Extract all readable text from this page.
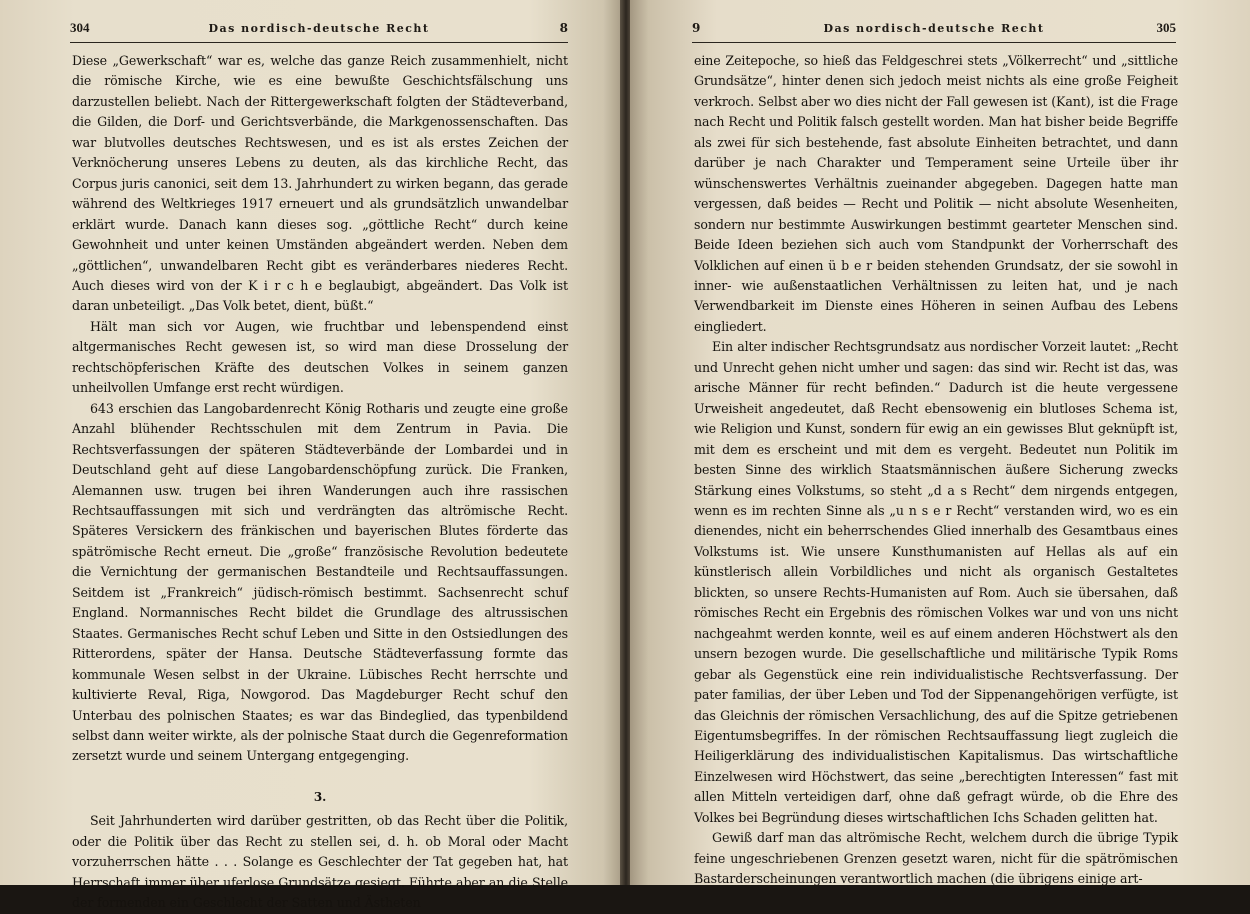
304	Das nordisch-deutsche Recht	8

Diese „Gewerkschaft“ war es, welche das ganze Reich zusammenhielt, nicht die römische Kirche, wie es eine bewußte Geschichtsfälschung uns darzustellen beliebt. Nach der Rittergewerkschaft folgten der Städteverband, die Gilden, die Dorf- und Gerichtsverbände, die Markgenossenschaften. Das war blutvolles deutsches Rechtswesen, und es ist als erstes Zeichen der Verknöcherung unseres Lebens zu deuten, als das kirchliche Recht, das Corpus juris canonici, seit dem 13. Jahrhundert zu wirken begann, das gerade während des Weltkrieges 1917 erneuert und als grundsätzlich unwandelbar erklärt wurde. Danach kann dieses sog. „göttliche Recht“ durch keine Gewohnheit und unter keinen Umständen abgeändert werden. Neben dem „göttlichen“, unwandelbaren Recht gibt es veränderbares niederes Recht. Auch dieses wird von der K i r c h e beglaubigt, abgeändert. Das Volk ist daran unbeteiligt. „Das Volk betet, dient, büßt.“

Hält man sich vor Augen, wie fruchtbar und lebenspendend einst altgermanisches Recht gewesen ist, so wird man diese Drosselung der rechtschöpferischen Kräfte des deutschen Volkes in seinem ganzen unheilvollen Umfange erst recht würdigen.

643 erschien das Langobardenrecht König Rotharis und zeugte eine große Anzahl blühender Rechtsschulen mit dem Zentrum in Pavia. Die Rechtsverfassungen der späteren Städteverbände der Lombardei und in Deutschland geht auf diese Langobardenschöpfung zurück. Die Franken, Alemannen usw. trugen bei ihren Wanderungen auch ihre rassischen Rechtsauffassungen mit sich und verdrängten das altrömische Recht. Späteres Versickern des fränkischen und bayerischen Blutes förderte das spätrömische Recht erneut. Die „große“ französische Revolution bedeutete die Vernichtung der germanischen Bestandteile und Rechtsauffassungen. Seitdem ist „Frankreich“ jüdisch-römisch bestimmt. Sachsenrecht schuf England. Normannisches Recht bildet die Grundlage des altrussischen Staates. Germanisches Recht schuf Leben und Sitte in den Ostsiedlungen des Ritterordens, später der Hansa. Deutsche Städteverfassung formte das kommunale Wesen selbst in der Ukraine. Lübisches Recht herrschte und kultivierte Reval, Riga, Nowgorod. Das Magdeburger Recht schuf den Unterbau des polnischen Staates; es war das Bindeglied, das typenbildend selbst dann weiter wirkte, als der polnische Staat durch die Gegenreformation zersetzt wurde und seinem Untergang entgegenging.

3.

Seit Jahrhunderten wird darüber gestritten, ob das Recht über die Politik, oder die Politik über das Recht zu stellen sei, d. h. ob Moral oder Macht vorzuherrschen hätte . . . Solange es Geschlechter der Tat gegeben hat, hat Herrschaft immer über uferlose Grundsätze gesiegt. Führte aber an die Stelle der formenden ein Geschlecht der Satten und Ästheten

9	Das nordisch-deutsche Recht	305

eine Zeitepoche, so hieß das Feldgeschrei stets „Völkerrecht“ und „sittliche Grundsätze“, hinter denen sich jedoch meist nichts als eine große Feigheit verkroch. Selbst aber wo dies nicht der Fall gewesen ist (Kant), ist die Frage nach Recht und Politik falsch gestellt worden. Man hat bisher beide Begriffe als zwei für sich bestehende, fast absolute Einheiten betrachtet, und dann darüber je nach Charakter und Temperament seine Urteile über ihr wünschenswertes Verhältnis zueinander abgegeben. Dagegen hatte man vergessen, daß beides — Recht und Politik — nicht absolute Wesenheiten, sondern nur bestimmte Auswirkungen bestimmt gearteter Menschen sind. Beide Ideen beziehen sich auch vom Standpunkt der Vorherrschaft des Volklichen auf einen ü b e r beiden stehenden Grundsatz, der sie sowohl in inner- wie außenstaatlichen Verhältnissen zu leiten hat, und je nach Verwendbarkeit im Dienste eines Höheren in seinen Aufbau des Lebens eingliedert.

Ein alter indischer Rechtsgrundsatz aus nordischer Vorzeit lautet: „Recht und Unrecht gehen nicht umher und sagen: das sind wir. Recht ist das, was arische Männer für recht befinden.“ Dadurch ist die heute vergessene Urweisheit angedeutet, daß Recht ebensowenig ein blutloses Schema ist, wie Religion und Kunst, sondern für ewig an ein gewisses Blut geknüpft ist, mit dem es erscheint und mit dem es vergeht. Bedeutet nun Politik im besten Sinne des wirklich Staatsmännischen äußere Sicherung zwecks Stärkung eines Volkstums, so steht „d a s Recht“ dem nirgends entgegen, wenn es im rechten Sinne als „u n s e r Recht“ verstanden wird, wo es ein dienendes, nicht ein beherrschendes Glied innerhalb des Gesamtbaus eines Volkstums ist. Wie unsere Kunsthumanisten auf Hellas als auf ein künstlerisch allein Vorbildliches und nicht als organisch Gestaltetes blickten, so unsere Rechts-Humanisten auf Rom. Auch sie übersahen, daß römisches Recht ein Ergebnis des römischen Volkes war und von uns nicht nachgeahmt werden konnte, weil es auf einem anderen Höchstwert als den unsern bezogen wurde. Die gesellschaftliche und militärische Typik Roms gebar als Gegenstück eine rein individualistische Rechtsverfassung. Der pater familias, der über Leben und Tod der Sippenangehörigen verfügte, ist das Gleichnis der römischen Versachlichung, des auf die Spitze getriebenen Eigentumsbegriffes. In der römischen Rechtsauffassung liegt zugleich die Heiligerklärung des individualistischen Kapitalismus. Das wirtschaftliche Einzelwesen wird Höchstwert, das seine „berechtigten Interessen“ fast mit allen Mitteln verteidigen darf, ohne daß gefragt würde, ob die Ehre des Volkes bei Begründung dieses wirtschaftlichen Ichs Schaden gelitten hat.

Gewiß darf man das altrömische Recht, welchem durch die übrige Typik feine ungeschriebenen Grenzen gesetzt waren, nicht für die spätrömischen Bastarderscheinungen verantwortlich machen (die übrigens einige art-
